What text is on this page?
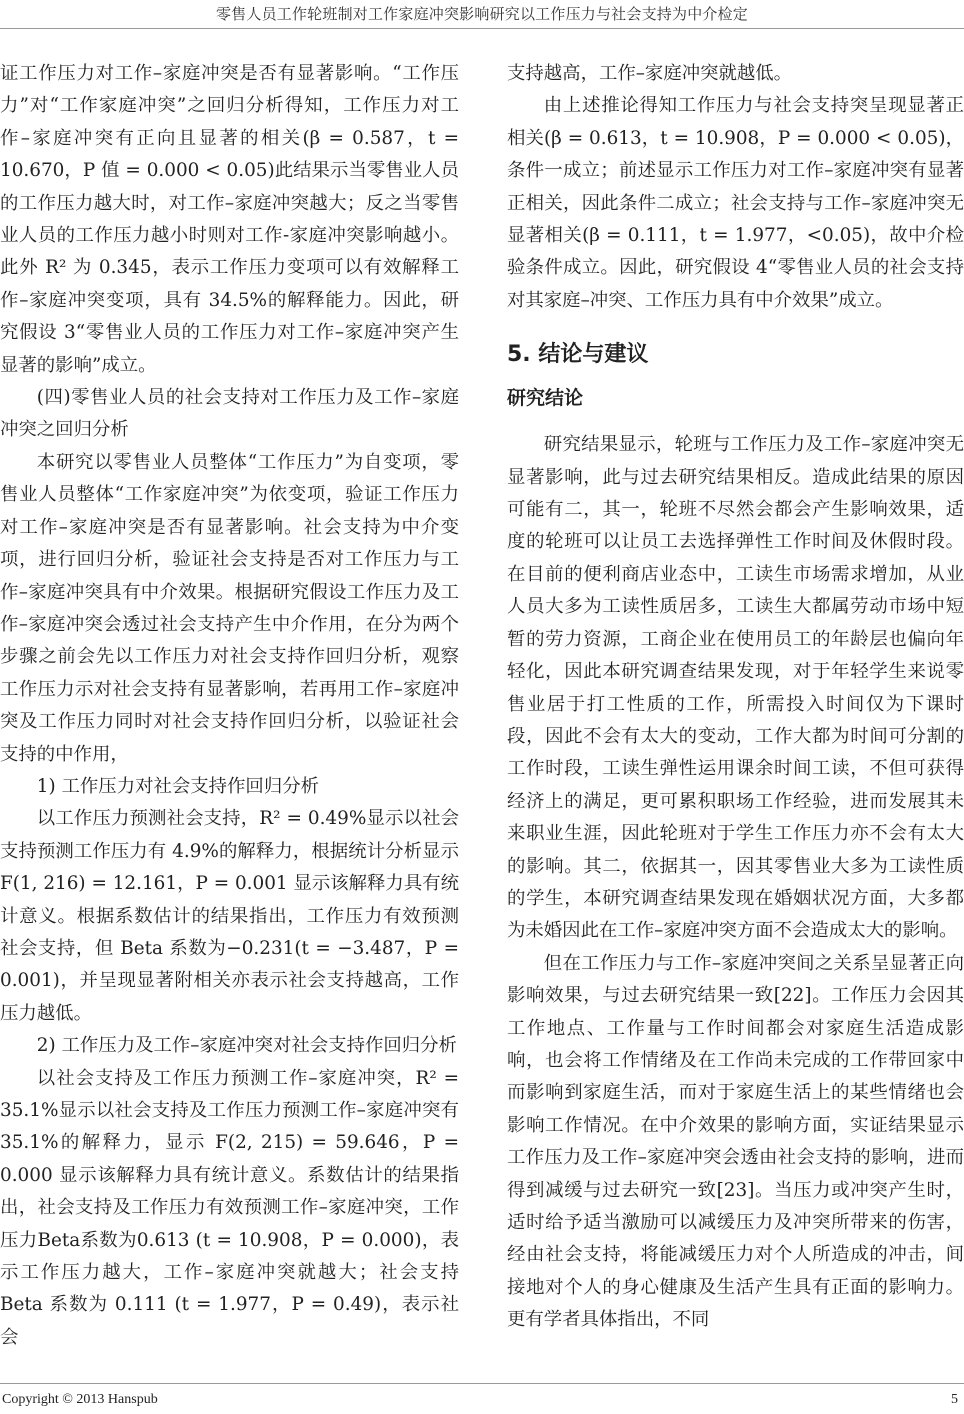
零售人员工作轮班制对工作家庭冲突影响研究以工作压力与社会支持为中介检定

证工作压力对工作–家庭冲突是否有显著影响。“工作压力”对“工作家庭冲突”之回归分析得知，工作压力对工作–家庭冲突有正向且显著的相关(β = 0.587，t = 10.670，P 值 = 0.000 < 0.05)此结果示当零售业人员的工作压力越大时，对工作–家庭冲突越大；反之当零售业人员的工作压力越小时则对工作-家庭冲突影响越小。此外 R² 为 0.345，表示工作压力变项可以有效解释工作–家庭冲突变项，具有 34.5%的解释能力。因此，研究假设 3“零售业人员的工作压力对工作–家庭冲突产生显著的影响”成立。

(四)零售业人员的社会支持对工作压力及工作–家庭冲突之回归分析

本研究以零售业人员整体“工作压力”为自变项，零售业人员整体“工作家庭冲突”为依变项，验证工作压力对工作–家庭冲突是否有显著影响。社会支持为中介变项，进行回归分析，验证社会支持是否对工作压力与工作–家庭冲突具有中介效果。根据研究假设工作压力及工作–家庭冲突会透过社会支持产生中介作用，在分为两个步骤之前会先以工作压力对社会支持作回归分析，观察工作压力示对社会支持有显著影响，若再用工作–家庭冲突及工作压力同时对社会支持作回归分析，以验证社会支持的中作用，

1) 工作压力对社会支持作回归分析

以工作压力预测社会支持，R² = 0.49%显示以社会支持预测工作压力有 4.9%的解释力，根据统计分析显示 F(1, 216) = 12.161，P = 0.001 显示该解释力具有统计意义。根据系数估计的结果指出，工作压力有效预测社会支持，但 Beta 系数为−0.231(t = −3.487，P = 0.001)，并呈现显著附相关亦表示社会支持越高，工作压力越低。

2) 工作压力及工作–家庭冲突对社会支持作回归分析

以社会支持及工作压力预测工作–家庭冲突，R² = 35.1%显示以社会支持及工作压力预测工作–家庭冲突有 35.1%的解释力，显示 F(2, 215) = 59.646，P = 0.000 显示该解释力具有统计意义。系数估计的结果指出，社会支持及工作压力有效预测工作–家庭冲突，工作压力Beta系数为0.613 (t = 10.908，P = 0.000)，表示工作压力越大，工作–家庭冲突就越大；社会支持 Beta 系数为 0.111 (t = 1.977，P = 0.49)，表示社会

支持越高，工作–家庭冲突就越低。

由上述推论得知工作压力与社会支持突呈现显著正相关(β = 0.613，t = 10.908，P = 0.000 < 0.05)，条件一成立；前述显示工作压力对工作–家庭冲突有显著正相关，因此条件二成立；社会支持与工作–家庭冲突无显著相关(β = 0.111，t = 1.977，<0.05)，故中介检验条件成立。因此，研究假设 4“零售业人员的社会支持对其家庭–冲突、工作压力具有中介效果”成立。

5. 结论与建议
研究结论

研究结果显示，轮班与工作压力及工作–家庭冲突无显著影响，此与过去研究结果相反。造成此结果的原因可能有二，其一，轮班不尽然会都会产生影响效果，适度的轮班可以让员工去选择弹性工作时间及休假时段。在目前的便利商店业态中，工读生市场需求增加，从业人员大多为工读性质居多，工读生大都属劳动市场中短暂的劳力资源，工商企业在使用员工的年龄层也偏向年轻化，因此本研究调查结果发现，对于年轻学生来说零售业居于打工性质的工作，所需投入时间仅为下课时段，因此不会有太大的变动，工作大都为时间可分割的工作时段，工读生弹性运用课余时间工读，不但可获得经济上的满足，更可累积职场工作经验，进而发展其未来职业生涯，因此轮班对于学生工作压力亦不会有太大的影响。其二，依据其一，因其零售业大多为工读性质的学生，本研究调查结果发现在婚姻状况方面，大多都为未婚因此在工作–家庭冲突方面不会造成太大的影响。

但在工作压力与工作–家庭冲突间之关系呈显著正向影响效果，与过去研究结果一致[22]。工作压力会因其工作地点、工作量与工作时间都会对家庭生活造成影响，也会将工作情绪及在工作尚未完成的工作带回家中而影响到家庭生活，而对于家庭生活上的某些情绪也会影响工作情况。在中介效果的影响方面，实证结果显示工作压力及工作–家庭冲突会透由社会支持的影响，进而得到减缓与过去研究一致[23]。当压力或冲突产生时，适时给予适当激励可以减缓压力及冲突所带来的伤害，经由社会支持，将能减缓压力对个人所造成的冲击，间接地对个人的身心健康及生活产生具有正面的影响力。更有学者具体指出，不同

Copyright © 2013 Hanspub	5
